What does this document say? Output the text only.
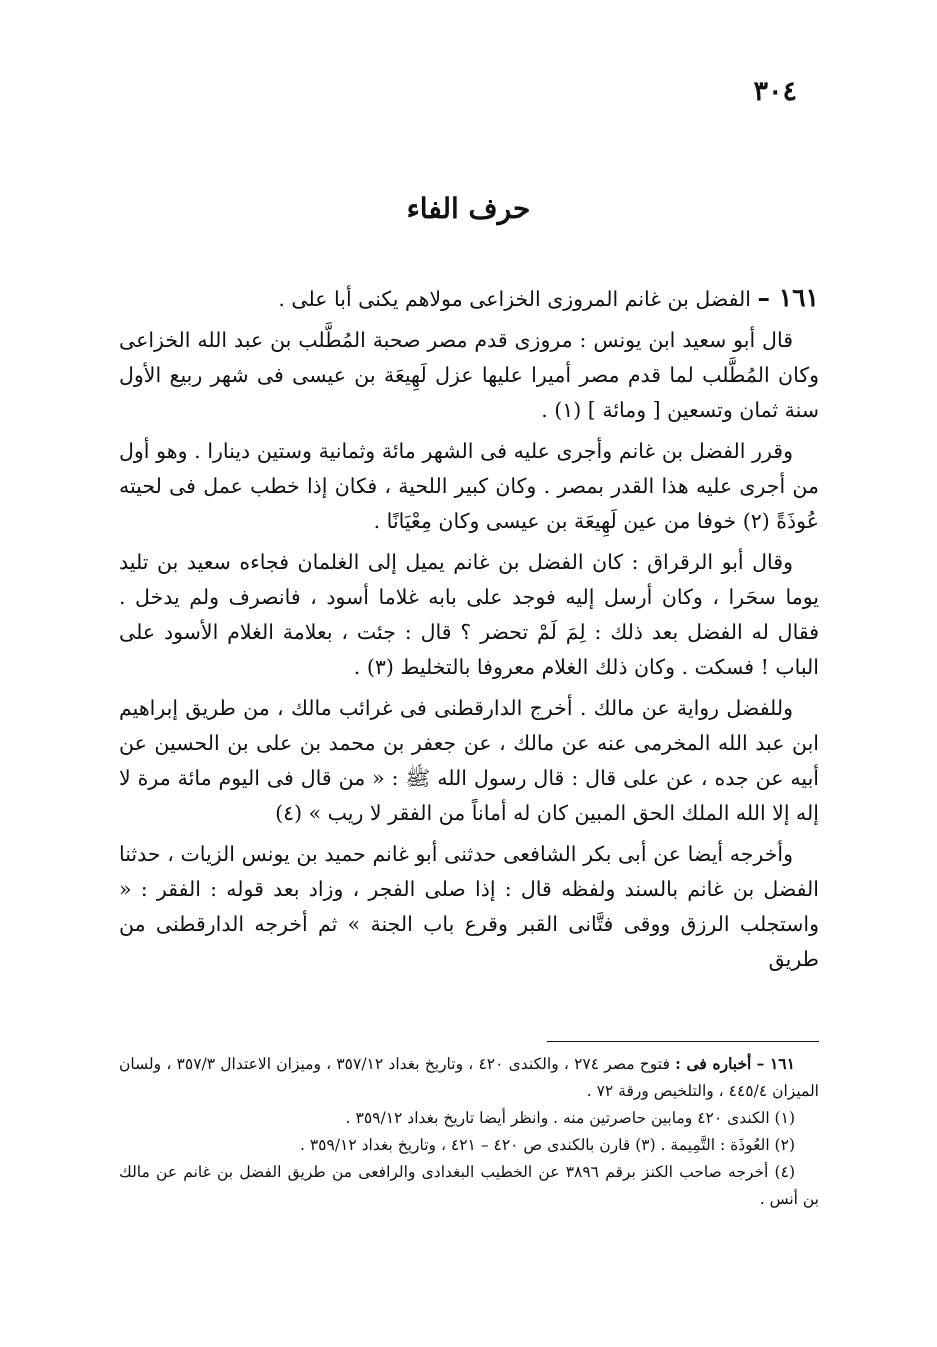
٣٠٤
حرف الفاء

١٦١ – الفضل بن غانم المروزى الخزاعى مولاهم يكنى أبا على .

قال أبو سعيد ابن يونس : مروزى قدم مصر صحبة المُطَّلب بن عبد الله الخزاعى وكان المُطَّلب لما قدم مصر أميرا عليها عزل لَهِيعَة بن عيسى فى شهر ربيع الأول سنة ثمان وتسعين [ ومائة ] (١) .

وقرر الفضل بن غانم وأجرى عليه فى الشهر مائة وثمانية وستين دينارا . وهو أول من أجرى عليه هذا القدر بمصر . وكان كبير اللحية ، فكان إذا خطب عمل فى لحيته عُوذَةً (٢) خوفا من عين لَهِيعَة بن عيسى وكان مِعْيَانًا .

وقال أبو الرقراق : كان الفضل بن غانم يميل إلى الغلمان فجاءه سعيد بن تليد يوما سحَرا ، وكان أرسل إليه فوجد على بابه غلاما أسود ، فانصرف ولم يدخل . فقال له الفضل بعد ذلك : لِمَ لَمْ تحضر ؟ قال : جئت ، بعلامة الغلام الأسود على الباب ! فسكت . وكان ذلك الغلام معروفا بالتخليط (٣) .

وللفضل رواية عن مالك . أخرج الدارقطنى فى غرائب مالك ، من طريق إبراهيم ابن عبد الله المخرمى عنه عن مالك ، عن جعفر بن محمد بن على بن الحسين عن أبيه عن جده ، عن على قال : قال رسول الله ﷺ : « من قال فى اليوم مائة مرة لا إله إلا الله الملك الحق المبين كان له أماناً من الفقر لا ريب » (٤)

وأخرجه أيضا عن أبى بكر الشافعى حدثنى أبو غانم حميد بن يونس الزيات ، حدثنا الفضل بن غانم بالسند ولفظه قال : إذا صلى الفجر ، وزاد بعد قوله : الفقر : « واستجلب الرزق ووقى فتَّانى القبر وقرع باب الجنة » ثم أخرجه الدارقطنى من طريق

١٦١ – أخباره فى : فتوح مصر ٢٧٤ ، والكندى ٤٢٠ ، وتاريخ بغداد ٣٥٧/١٢ ، وميزان الاعتدال ٣٥٧/٣ ، ولسان الميزان ٤٤٥/٤ ، والتلخيص ورقة ٧٢ .

(١) الكندى ٤٢٠ ومابين حاصرتين منه . وانظر أيضا تاريخ بغداد ٣٥٩/١٢ .

(٢) العُوذَة : التَّمِيمة . (٣) قارن بالكندى ص ٤٢٠ – ٤٢١ ، وتاريخ بغداد ٣٥٩/١٢ .

(٤) أخرجه صاحب الكنز برقم ٣٨٩٦ عن الخطيب البغدادى والرافعى من طريق الفضل بن غانم عن مالك بن أنس .
